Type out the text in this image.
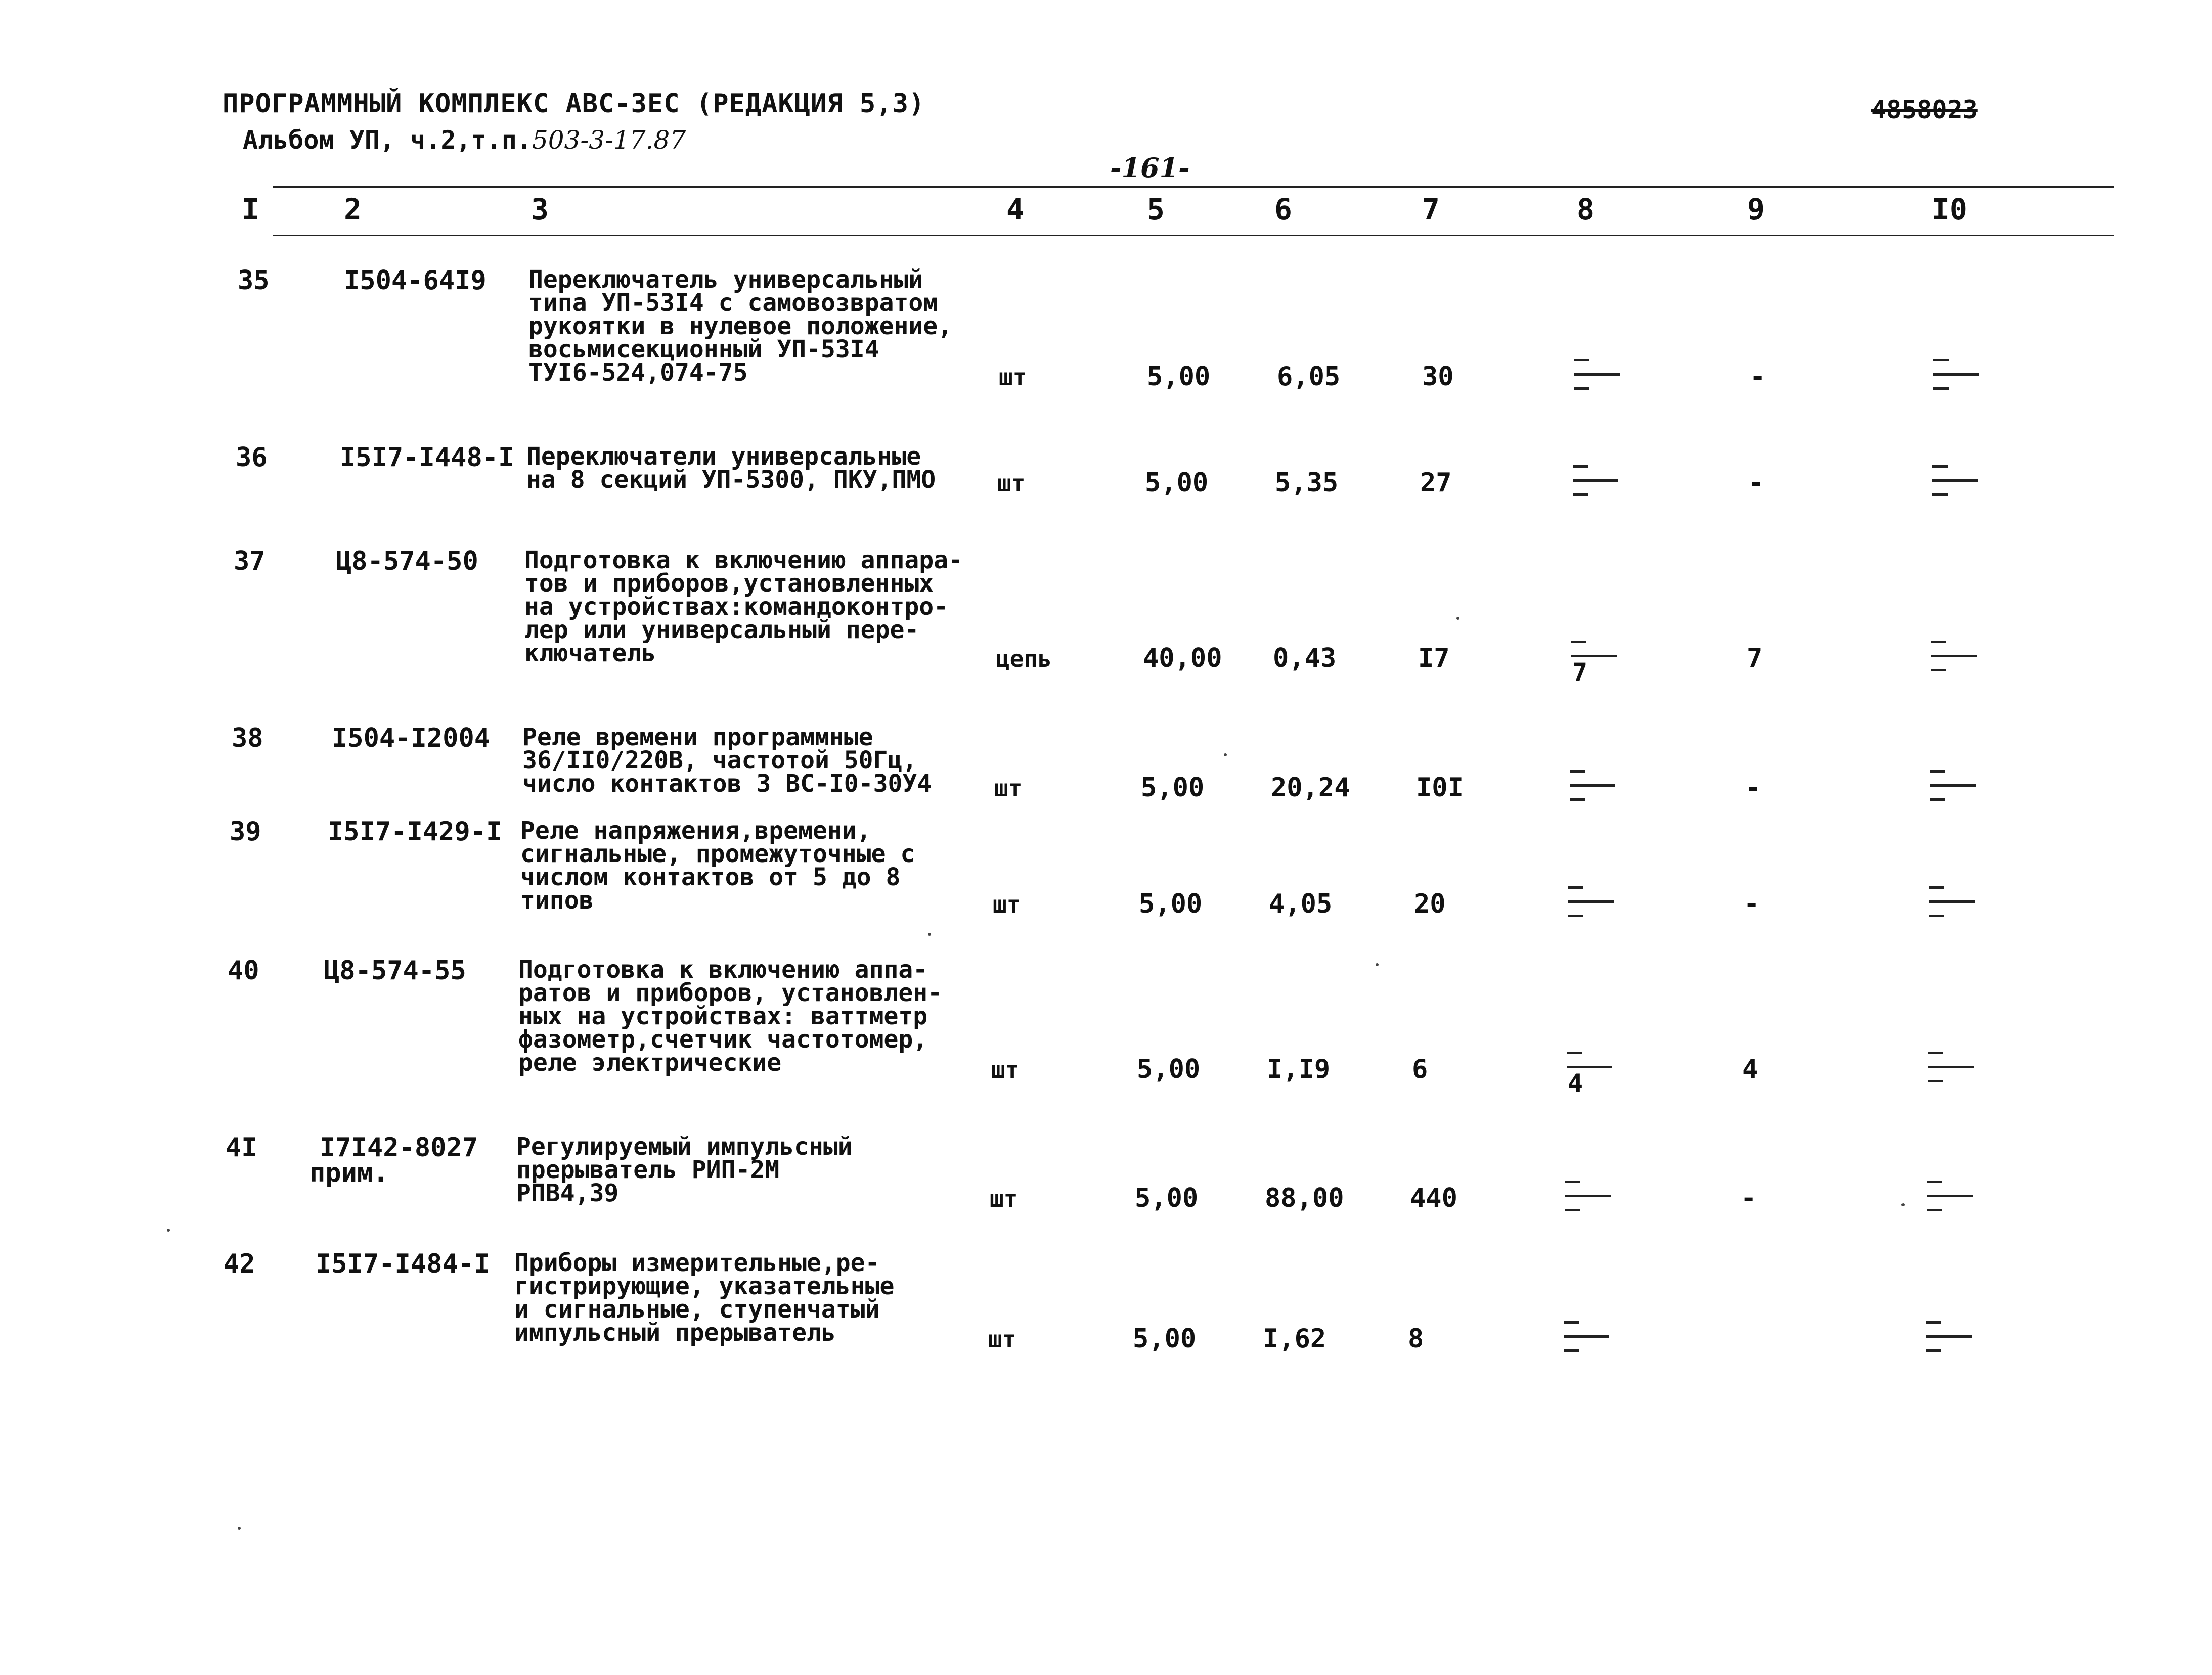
ПРОГРАММНЫЙ КОМПЛЕКС АВС-3ЕС (РЕДАКЦИЯ 5,3)
Альбом УП, ч.2,т.п.503-3-17.87
4858023
-161-
I	2	3	4	5	6	7	8	9	I0
35	I504-64I9 Переключатель универсальный
типа УП-53I4 с самовозвратом
рукоятки в нулевое положение,
восьмисекционный УП-53I4
ТУI6-524,074-75	шт	5,00	6,05	30	-
36	I5I7-I448-I Переключатели универсальные
на 8 секций УП-5300, ПКУ,ПМО	шт	5,00	5,35	27	-
37	Ц8-574-50 Подготовка к включению аппара-
тов и приборов,установленных
на устройствах:командоконтро-
лер или универсальный пере-
ключатель	цепь	40,00 0,43	I7	7	7
38	I504-I2004 Реле времени программные
36/II0/220В, частотой 50Гц,
число контактов 3 ВС-I0-30У4	шт	5,00	20,24	I0I	-
39	I5I7-I429-I Реле напряжения,времени,
сигнальные, промежуточные с
числом контактов от 5 до 8
типов	шт	5,00	4,05	20	-
40 Ц8-574-55 Подготовка к включению аппа-
ратов и приборов, установлен-
ных на устройствах: ваттметр
фазометр,счетчик частотомер,
реле электрические	шт	5,00	I,I9	6	4	4
4I I7I42-8027
прим.
Регулируемый импульсный
прерыватель РИП-2М
РПВ4,39	шт	5,00	88,00	440	-
42 I5I7-I484-I Приборы измерительные,ре-
гистрирующие, указательные
и сигнальные, ступенчатый
импульсный прерыватель	шт	5,00	I,62	8
